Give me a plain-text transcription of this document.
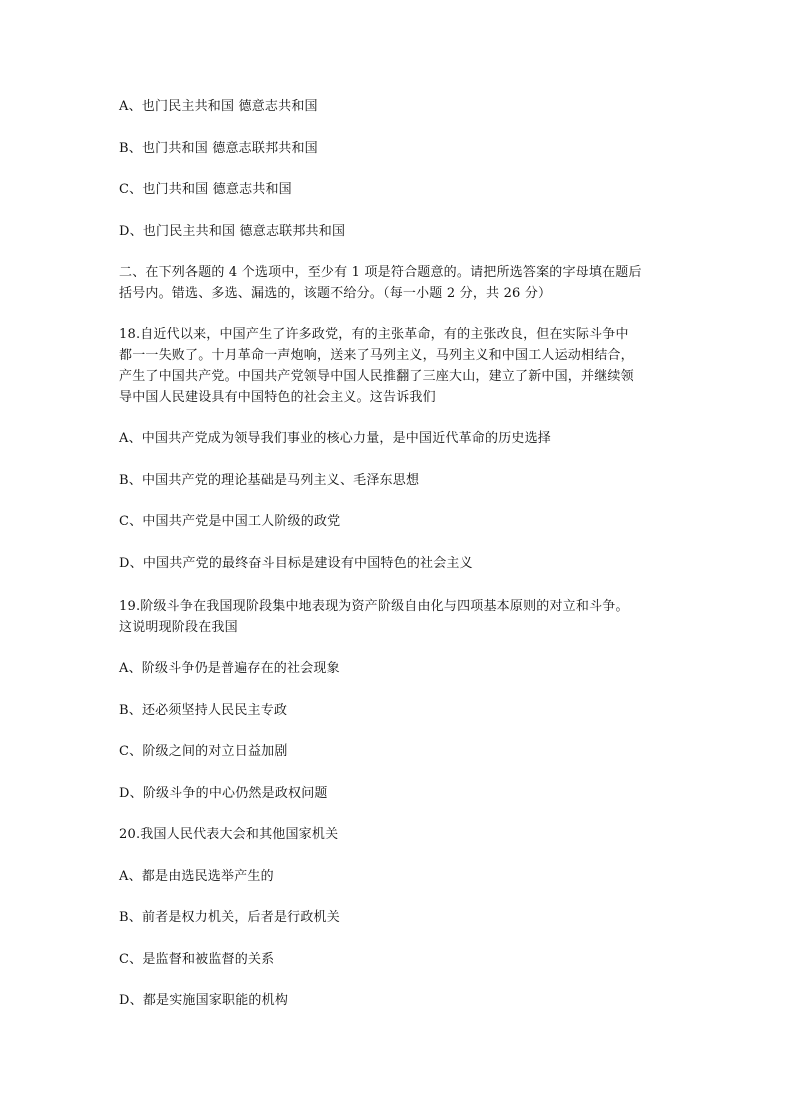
A、也门民主共和国 德意志共和国
B、也门共和国 德意志联邦共和国
C、也门共和国 德意志共和国
D、也门民主共和国 德意志联邦共和国
二、在下列各题的 4 个选项中，至少有 1 项是符合题意的。请把所选答案的字母填在题后
括号内。错选、多选、漏选的，该题不给分。（每一小题 2 分，共 26 分）
18.自近代以来，中国产生了许多政党，有的主张革命，有的主张改良，但在实际斗争中
都一一失败了。十月革命一声炮响，送来了马列主义，马列主义和中国工人运动相结合，
产生了中国共产党。中国共产党领导中国人民推翻了三座大山，建立了新中国，并继续领
导中国人民建设具有中国特色的社会主义。这告诉我们
A、中国共产党成为领导我们事业的核心力量，是中国近代革命的历史选择
B、中国共产党的理论基础是马列主义、毛泽东思想
C、中国共产党是中国工人阶级的政党
D、中国共产党的最终奋斗目标是建设有中国特色的社会主义
19.阶级斗争在我国现阶段集中地表现为资产阶级自由化与四项基本原则的对立和斗争。
这说明现阶段在我国
A、阶级斗争仍是普遍存在的社会现象
B、还必须坚持人民民主专政
C、阶级之间的对立日益加剧
D、阶级斗争的中心仍然是政权问题
20.我国人民代表大会和其他国家机关
A、都是由选民选举产生的
B、前者是权力机关，后者是行政机关
C、是监督和被监督的关系
D、都是实施国家职能的机构
